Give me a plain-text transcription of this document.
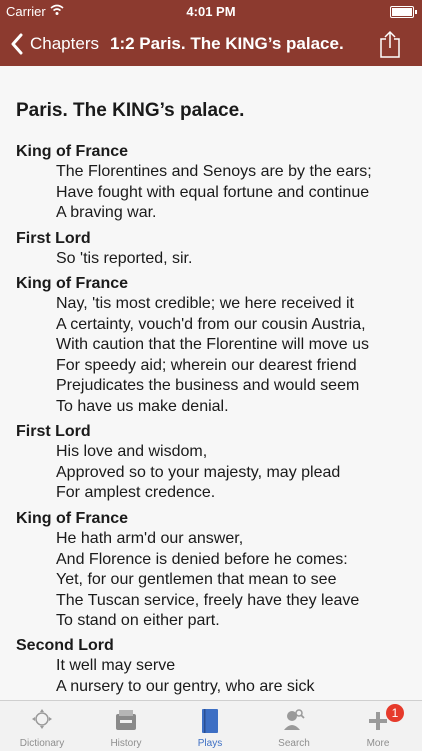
Carrier	4:01 PM
Chapters 1:2 Paris. The KING’s palace.
Paris. The KING’s palace.
King of France
The Florentines and Senoys are by the ears;
Have fought with equal fortune and continue
A braving war.
First Lord
So 'tis reported, sir.
King of France
Nay, 'tis most credible; we here received it
A certainty, vouch'd from our cousin Austria,
With caution that the Florentine will move us
For speedy aid; wherein our dearest friend
Prejudicates the business and would seem
To have us make denial.
First Lord
His love and wisdom,
Approved so to your majesty, may plead
For amplest credence.
King of France
He hath arm'd our answer,
And Florence is denied before he comes:
Yet, for our gentlemen that mean to see
The Tuscan service, freely have they leave
To stand on either part.
Second Lord
It well may serve
A nursery to our gentry, who are sick
Dictionary	History	Plays	Search
1
More
